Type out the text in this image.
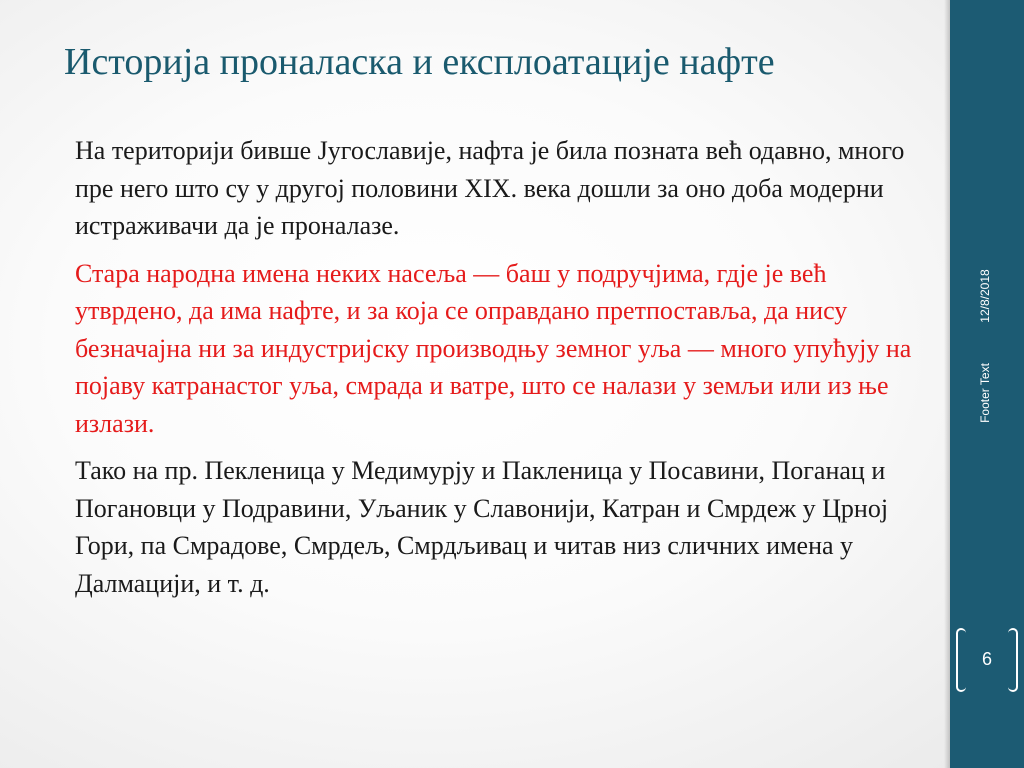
Историја проналаска и експлоатације нафте

На територији бивше Југославије, нафта је била позната већ одавно, много пре него што су у другој половини XIХ. века дошли за оно доба модерни истраживачи да је проналазе.

Стара народна имена неких насеља — баш у подручјима, гдје је већ утврдено, да има нафте, и за која се оправдано претпоставља, да нису безначајна ни за индустријску производњу земног уља — много упућују на појаву катранастог уља, смрада и ватре, што се налази у земљи или из ње излази.

Тако на пр. Пекленица у Медимурју и Пакленица у Посавини, Поганац и Погановци у Подравини, Уљаник у Славонији, Катран и Смрдеж у Црној Гори, па Смрадове, Смрдељ, Смрдљивац и читав низ сличних имена у Далмацији, и т. д.

12/8/2018
Footer Text
6
